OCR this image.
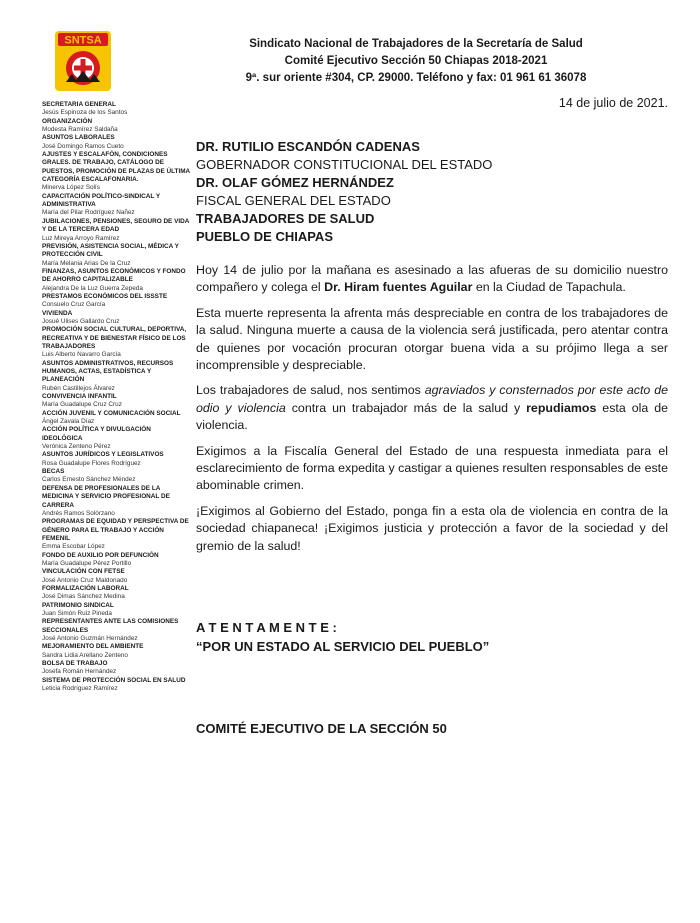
SNTSA	Sindicato Nacional de Trabajadores de la Secretaría de Salud
Comité Ejecutivo Sección 50 Chiapas 2018-2021
9ª. sur oriente #304, CP. 29000. Teléfono y fax: 01 961 61 36078
14 de julio de 2021.
SECRETARIA GENERAL
Jesús Espinoza de los Santos
ORGANIZACIÓN
Modesta Ramírez Saldaña
ASUNTOS LABORALES
José Domingo Ramos Cueto
AJUSTES Y ESCALAFÓN, CONDICIONES GRALES. DE TRABAJO, CATÁLOGO DE PUESTOS, PROMOCIÓN DE PLAZAS DE ÚLTIMA CATEGORÍA ESCALAFONARIA.
Minerva López Solís
CAPACITACIÓN POLÍTICO-SINDICAL Y ADMINISTRATIVA
María del Pilar Rodríguez Nañez
JUBILACIONES, PENSIONES, SEGURO DE VIDA Y DE LA TERCERA EDAD
Luz Mireya Arroyo Ramírez
PREVISIÓN, ASISTENCIA SOCIAL, MÉDICA Y PROTECCIÓN CIVIL
María Melania Arias De la Cruz
FINANZAS, ASUNTOS ECONÓMICOS Y FONDO DE AHORRO CAPITALIZABLE
Alejandra De la Luz Guerra Zepeda
PRESTAMOS ECONÓMICOS DEL ISSSTE
Consuelo Cruz García
VIVIENDA
Josué Ulises Gallardo Cruz
PROMOCIÓN SOCIAL CULTURAL, DEPORTIVA, RECREATIVA Y DE BIENESTAR FÍSICO DE LOS TRABAJADORES
Luis Alberto Navarro García
ASUNTOS ADMINISTRATIVOS, RECURSOS HUMANOS, ACTAS, ESTADÍSTICA Y PLANEACIÓN
Rubén Castillejos Álvarez
CONVIVENCIA INFANTIL
María Guadalupe Cruz Cruz
ACCIÓN JUVENIL Y COMUNICACIÓN SOCIAL
Ángel Zavala Díaz
ACCIÓN POLÍTICA Y DIVULGACIÓN IDEOLÓGICA
Verónica Zenteno Pérez
ASUNTOS JURÍDICOS Y LEGISLATIVOS
Rosa Guadalupe Flores Rodríguez
BECAS
Carlos Ernesto Sánchez Méndez
DEFENSA DE PROFESIONALES DE LA MEDICINA Y SERVICIO PROFESIONAL DE CARRERA
Andrés Ramos Solórzano
PROGRAMAS DE EQUIDAD Y PERSPECTIVA DE GÉNERO PARA EL TRABAJO Y ACCIÓN FEMENIL
Emma Escobar López
FONDO DE AUXILIO POR DEFUNCIÓN
María Guadalupe Pérez Portillo
VINCULACIÓN CON FETSE
José Antonio Cruz Maldonado
FORMALIZACIÓN LABORAL
José Dimas Sánchez Medina
PATRIMONIO SINDICAL
Juan Simón Ruiz Pineda
REPRESENTANTES ANTE LAS COMISIONES SECCIONALES
José Antonio Guzmán Hernández
MEJORAMIENTO DEL AMBIENTE
Sandra Lidia Arellano Zenteno
BOLSA DE TRABAJO
Josefa Román Hernández
SISTEMA DE PROTECCIÓN SOCIAL EN SALUD
Leticia Rodríguez Ramírez
DR. RUTILIO ESCANDÓN CADENAS
GOBERNADOR CONSTITUCIONAL DEL ESTADO
DR. OLAF GÓMEZ HERNÁNDEZ
FISCAL GENERAL DEL ESTADO
TRABAJADORES DE SALUD
PUEBLO DE CHIAPAS

Hoy 14 de julio por la mañana es asesinado a las afueras de su domicilio nuestro compañero y colega el Dr. Hiram fuentes Aguilar en la Ciudad de Tapachula.

Esta muerte representa la afrenta más despreciable en contra de los trabajadores de la salud. Ninguna muerte a causa de la violencia será justificada, pero atentar contra de quienes por vocación procuran otorgar buena vida a su prójimo llega a ser incomprensible y despreciable.

Los trabajadores de salud, nos sentimos agraviados y consternados por este acto de odio y violencia contra un trabajador más de la salud y repudiamos esta ola de violencia.

Exigimos a la Fiscalía General del Estado de una respuesta inmediata para el esclarecimiento de forma expedita y castigar a quienes resulten responsables de este abominable crimen.

¡Exigimos al Gobierno del Estado, ponga fin a esta ola de violencia en contra de la sociedad chiapaneca! ¡Exigimos justicia y protección a favor de la sociedad y del gremio de la salud!

A T E N T A M E N T E :
“POR UN ESTADO AL SERVICIO DEL PUEBLO”
COMITÉ EJECUTIVO DE LA SECCIÓN 50
